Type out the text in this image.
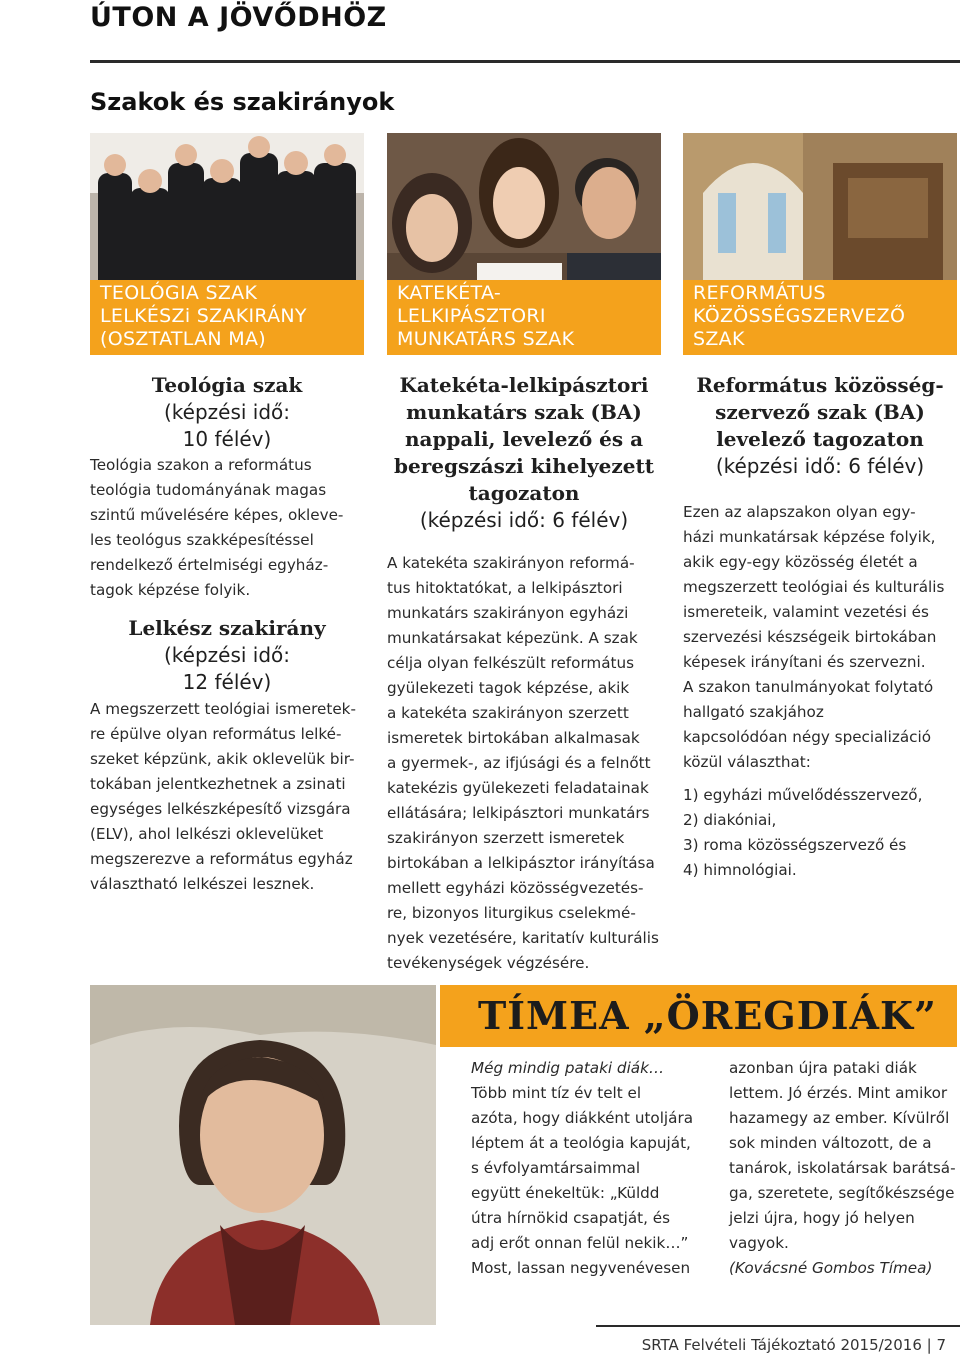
ÚTON A JÖVŐDHÖZ
Szakok és szakirányok
TEOLÓGIA SZAK
LELKÉSZi SZAKIRÁNY
(OSZTATLAN MA)
KATEKÉTA-
LELKIPÁSZTORI
MUNKATÁRS SZAK
REFORMÁTUS
KÖZÖSSÉGSZERVEZŐ
SZAK
Teológia szak
(képzési idő:
10 félév)
Teológia szakon a református
teológia tudományának magas
szintű művelésére képes, okleve-
les teológus szakképesítéssel
rendelkező értelmiségi egyház-
tagok képzése folyik.
Lelkész szakirány
(képzési idő:
12 félév)
A megszerzett teológiai ismeretek-
re épülve olyan református lelké-
szeket képzünk, akik oklevelük bir-
tokában jelentkezhetnek a zsinati
egységes lelkészképesítő vizsgára
(ELV), ahol lelkészi oklevelüket
megszerezve a református egyház
választható lelkészei lesznek.
Katekéta-lelkipásztori
munkatárs szak (BA)
nappali, levelező és a
beregszászi kihelyezett
tagozaton
(képzési idő: 6 félév)
A katekéta szakirányon reformá-
tus hitoktatókat, a lelkipásztori
munkatárs szakirányon egyházi
munkatársakat képezünk. A szak
célja olyan felkészült református
gyülekezeti tagok képzése, akik
a katekéta szakirányon szerzett
ismeretek birtokában alkalmasak
a gyermek-, az ifjúsági és a felnőtt
katekézis gyülekezeti feladatainak
ellátására; lelkipásztori munkatárs
szakirányon szerzett ismeretek
birtokában a lelkipásztor irányítása
mellett egyházi közösségvezetés-
re, bizonyos liturgikus cselekmé-
nyek vezetésére, karitatív kulturális
tevékenységek végzésére.
Református közösség-
szervező szak (BA)
levelező tagozaton
(képzési idő: 6 félév)
Ezen az alapszakon olyan egy-
házi munkatársak képzése folyik,
akik egy-egy közösség életét a
megszerzett teológiai és kulturális
ismereteik, valamint vezetési és
szervezési készségeik birtokában
képesek irányítani és szervezni.
A szakon tanulmányokat folytató
hallgató szakjához
kapcsolódóan négy specializáció
közül választhat:
1) egyházi művelődésszervező,
2) diakóniai,
3) roma közösségszervező és
4) himnológiai.
TÍMEA „ÖREGDIÁK”
Még mindig pataki diák…
Több mint tíz év telt el
azóta, hogy diákként utoljára
léptem át a teológia kapuját,
s évfolyamtársaimmal
együtt énekeltük: „Küldd
útra hírnökid csapatját, és
adj erőt onnan felül nekik…”
Most, lassan negyvenévesen
azonban újra pataki diák
lettem. Jó érzés. Mint amikor
hazamegy az ember. Kívülről
sok minden változott, de a
tanárok, iskolatársak barátsá-
ga, szeretete, segítőkészsége
jelzi újra, hogy jó helyen
vagyok.
(Kovácsné Gombos Tímea)
SRTA Felvételi Tájékoztató 2015/2016 | 7
